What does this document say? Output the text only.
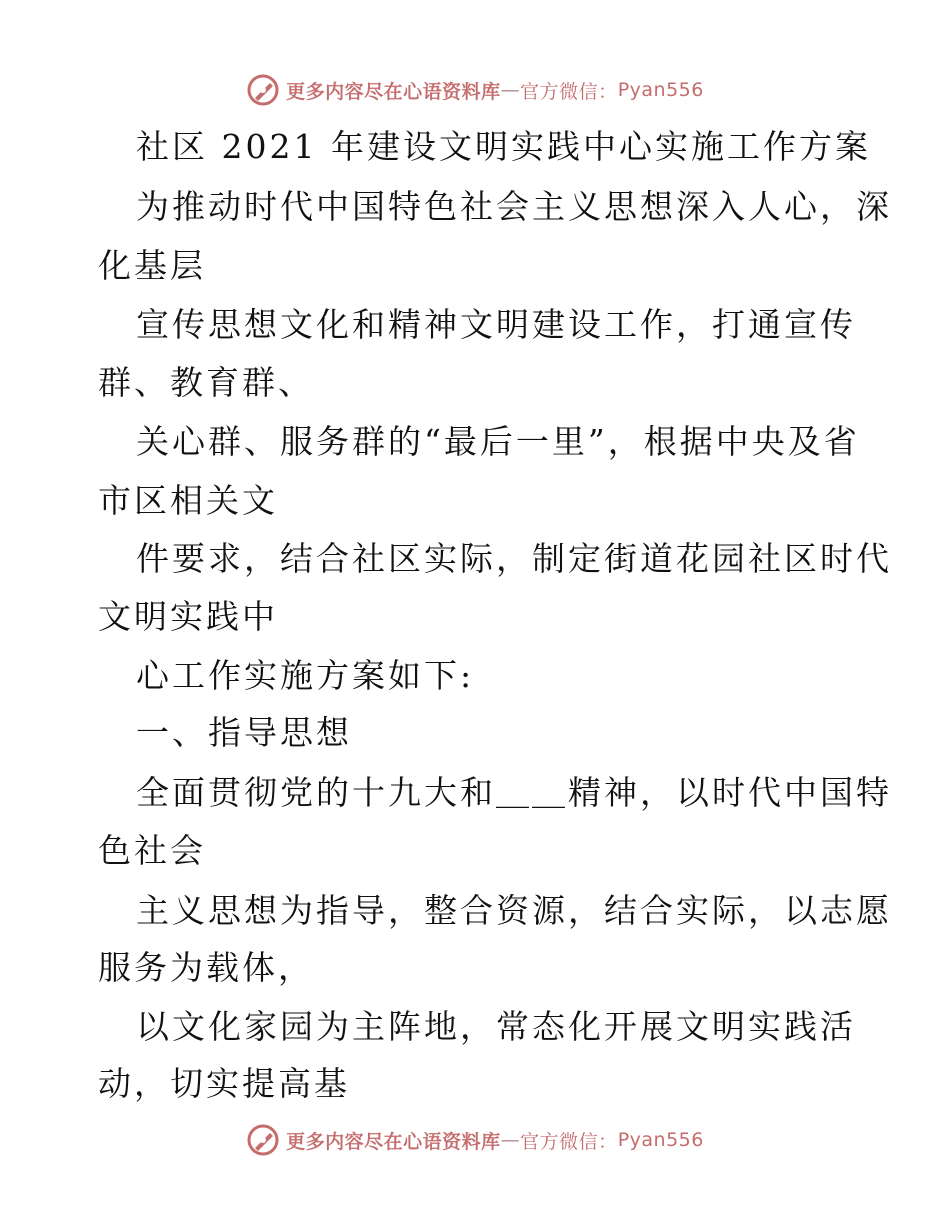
更多内容尽在心语资料库 — 官方微信： Pyan556
社区 2021 年建设文明实践中心实施工作方案
为推动时代中国特色社会主义思想深入人心，深
化基层
宣传思想文化和精神文明建设工作，打通宣传
群、教育群、
关心群、服务群的“最后一里”，根据中央及省
市区相关文
件要求，结合社区实际，制定街道花园社区时代
文明实践中
心工作实施方案如下:
一、指导思想
全面贯彻党的十九大和＿＿精神，以时代中国特
色社会
主义思想为指导，整合资源，结合实际，以志愿
服务为载体，
以文化家园为主阵地，常态化开展文明实践活
动，切实提高基
更多内容尽在心语资料库 — 官方微信： Pyan556
